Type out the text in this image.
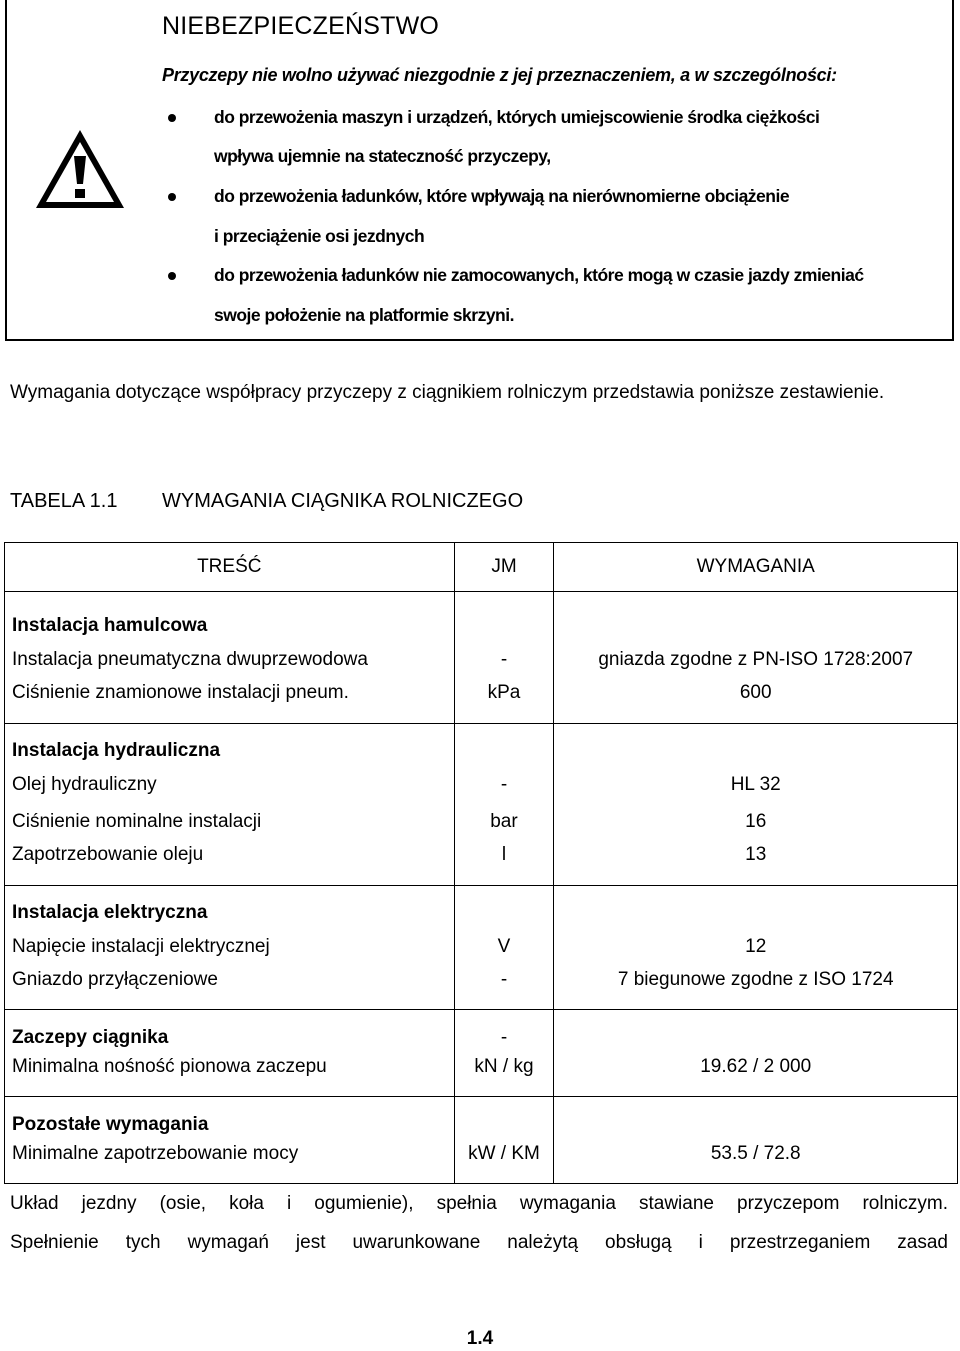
NIEBEZPIECZEŃSTWO
Przyczepy nie wolno używać niezgodnie z jej przeznaczeniem, a w szczególności:
do przewożenia maszyn i urządzeń, których umiejscowienie środka ciężkości
wpływa ujemnie na stateczność przyczepy,
do przewożenia ładunków, które wpływają na nierównomierne obciążenie
i przeciążenie osi jezdnych
do przewożenia ładunków nie zamocowanych, które mogą w czasie jazdy zmieniać
swoje położenie na platformie skrzyni.
Wymagania dotyczące współpracy przyczepy z ciągnikiem rolniczym przedstawia poniższe zestawienie.
TABELA 1.1 WYMAGANIA CIĄGNIKA ROLNICZEGO
TREŚĆ	JM	WYMAGANIA
Instalacja hamulcowa		
Instalacja pneumatyczna dwuprzewodowa	-	gniazda zgodne z PN-ISO 1728:2007
Ciśnienie znamionowe instalacji pneum.	kPa	600
Instalacja hydrauliczna		
Olej hydrauliczny	-	HL 32
Ciśnienie nominalne instalacji	bar	16
Zapotrzebowanie oleju	l	13
Instalacja elektryczna		
Napięcie instalacji elektrycznej	V	12
Gniazdo przyłączeniowe	-	7 biegunowe zgodne z ISO 1724
Zaczepy ciągnika	-	
Minimalna nośność pionowa zaczepu	kN / kg	19.62 / 2 000
Pozostałe wymagania		
Minimalne zapotrzebowanie mocy	kW / KM	53.5 / 72.8
Układ jezdny (osie, koła i ogumienie), spełnia wymagania stawiane przyczepom rolniczym.
Spełnienie tych wymagań jest uwarunkowane należytą obsługą i przestrzeganiem zasad
1.4
